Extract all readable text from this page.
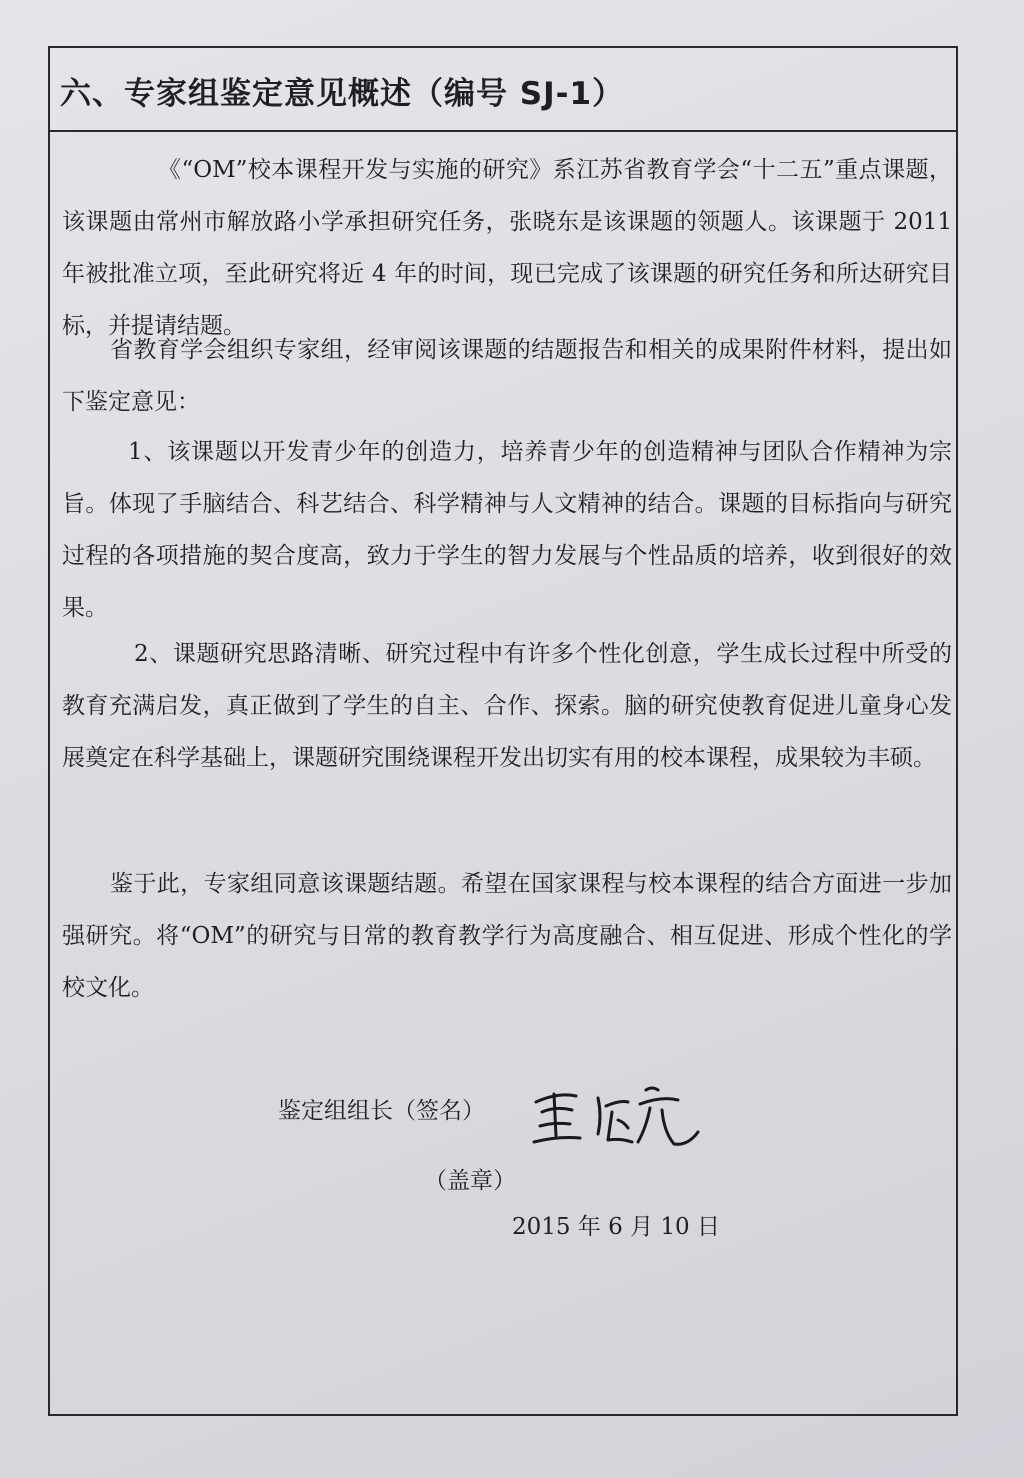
六、专家组鉴定意见概述（编号 SJ-1）

《“OM”校本课程开发与实施的研究》系江苏省教育学会“十二五”重点课题，该课题由常州市解放路小学承担研究任务，张晓东是该课题的领题人。该课题于 2011 年被批准立项，至此研究将近 4 年的时间，现已完成了该课题的研究任务和所达研究目标，并提请结题。

省教育学会组织专家组，经审阅该课题的结题报告和相关的成果附件材料，提出如下鉴定意见：

1、该课题以开发青少年的创造力，培养青少年的创造精神与团队合作精神为宗旨。体现了手脑结合、科艺结合、科学精神与人文精神的结合。课题的目标指向与研究过程的各项措施的契合度高，致力于学生的智力发展与个性品质的培养，收到很好的效果。

2、课题研究思路清晰、研究过程中有许多个性化创意，学生成长过程中所受的教育充满启发，真正做到了学生的自主、合作、探索。脑的研究使教育促进儿童身心发展奠定在科学基础上，课题研究围绕课程开发出切实有用的校本课程，成果较为丰硕。

鉴于此，专家组同意该课题结题。希望在国家课程与校本课程的结合方面进一步加强研究。将“OM”的研究与日常的教育教学行为高度融合、相互促进、形成个性化的学校文化。

鉴定组组长（签名）
（盖章）
2015 年 6 月 10 日
